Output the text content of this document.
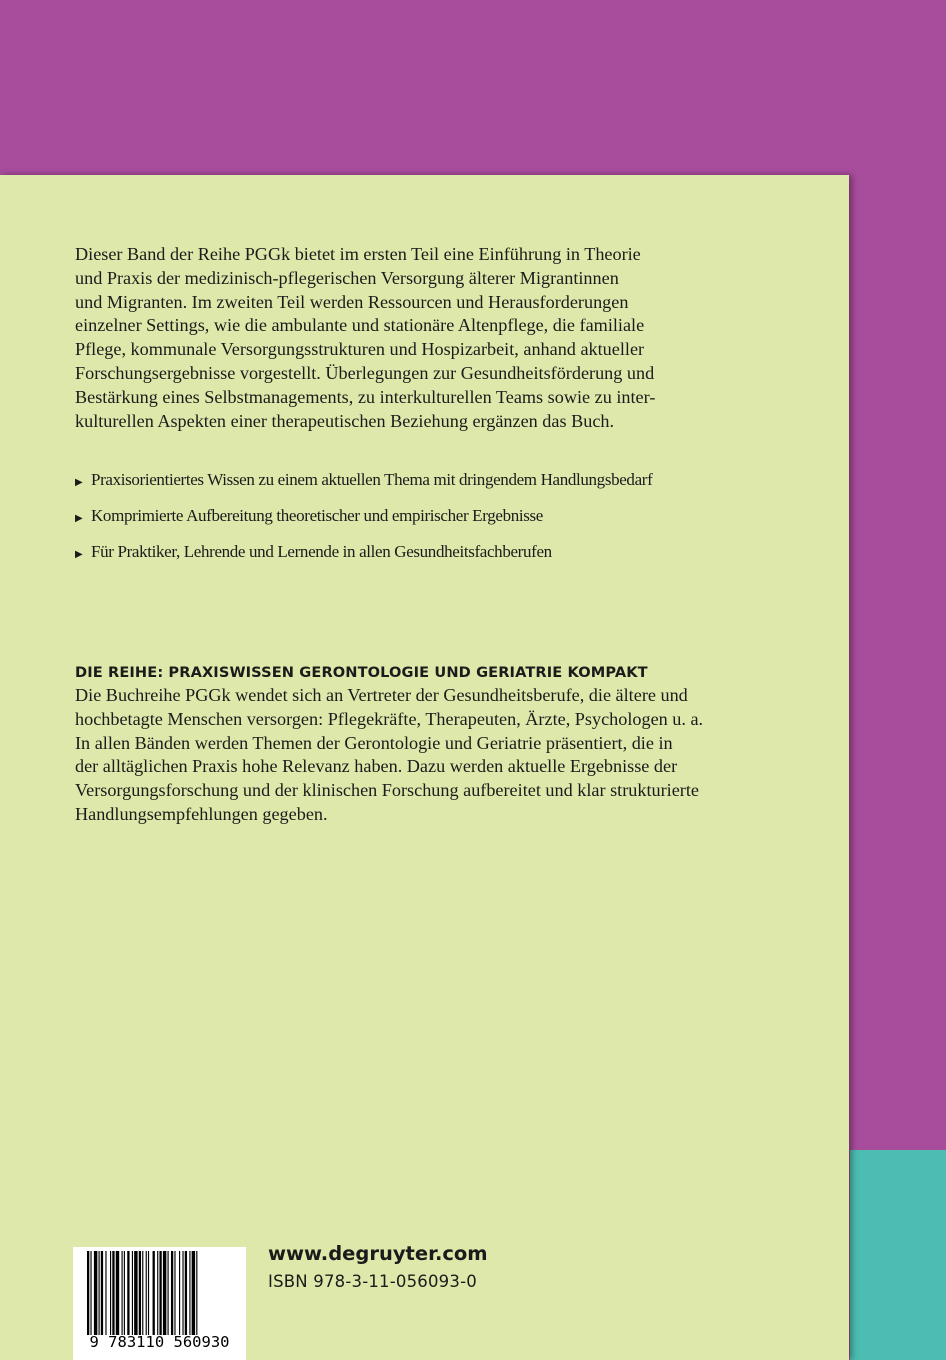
Dieser Band der Reihe PGGk bietet im ersten Teil eine Einführung in Theorie
und Praxis der medizinisch-pflegerischen Versorgung älterer Migrantinnen
und Migranten. Im zweiten Teil werden Ressourcen und Herausforderungen
einzelner Settings, wie die ambulante und stationäre Altenpflege, die familiale
Pflege, kommunale Versorgungsstrukturen und Hospizarbeit, anhand aktueller
Forschungsergebnisse vorgestellt. Überlegungen zur Gesundheitsförderung und
Bestärkung eines Selbstmanagements, zu interkulturellen Teams sowie zu inter-
kulturellen Aspekten einer therapeutischen Beziehung ergänzen das Buch.

▶ Praxisorientiertes Wissen zu einem aktuellen Thema mit dringendem Handlungsbedarf
▶ Komprimierte Aufbereitung theoretischer und empirischer Ergebnisse
▶ Für Praktiker, Lehrende und Lernende in allen Gesundheitsfachberufen
DIE REIHE: PRAXISWISSEN GERONTOLOGIE UND GERIATRIE KOMPAKT

Die Buchreihe PGGk wendet sich an Vertreter der Gesundheitsberufe, die ältere und
hochbetagte Menschen versorgen: Pflegekräfte, Therapeuten, Ärzte, Psychologen u. a.
In allen Bänden werden Themen der Gerontologie und Geriatrie präsentiert, die in
der alltäglichen Praxis hohe Relevanz haben. Dazu werden aktuelle Ergebnisse der
Versorgungsforschung und der klinischen Forschung aufbereitet und klar strukturierte
Handlungsempfehlungen gegeben.

9 783110 560930

www.degruyter.com

ISBN 978-3-11-056093-0
